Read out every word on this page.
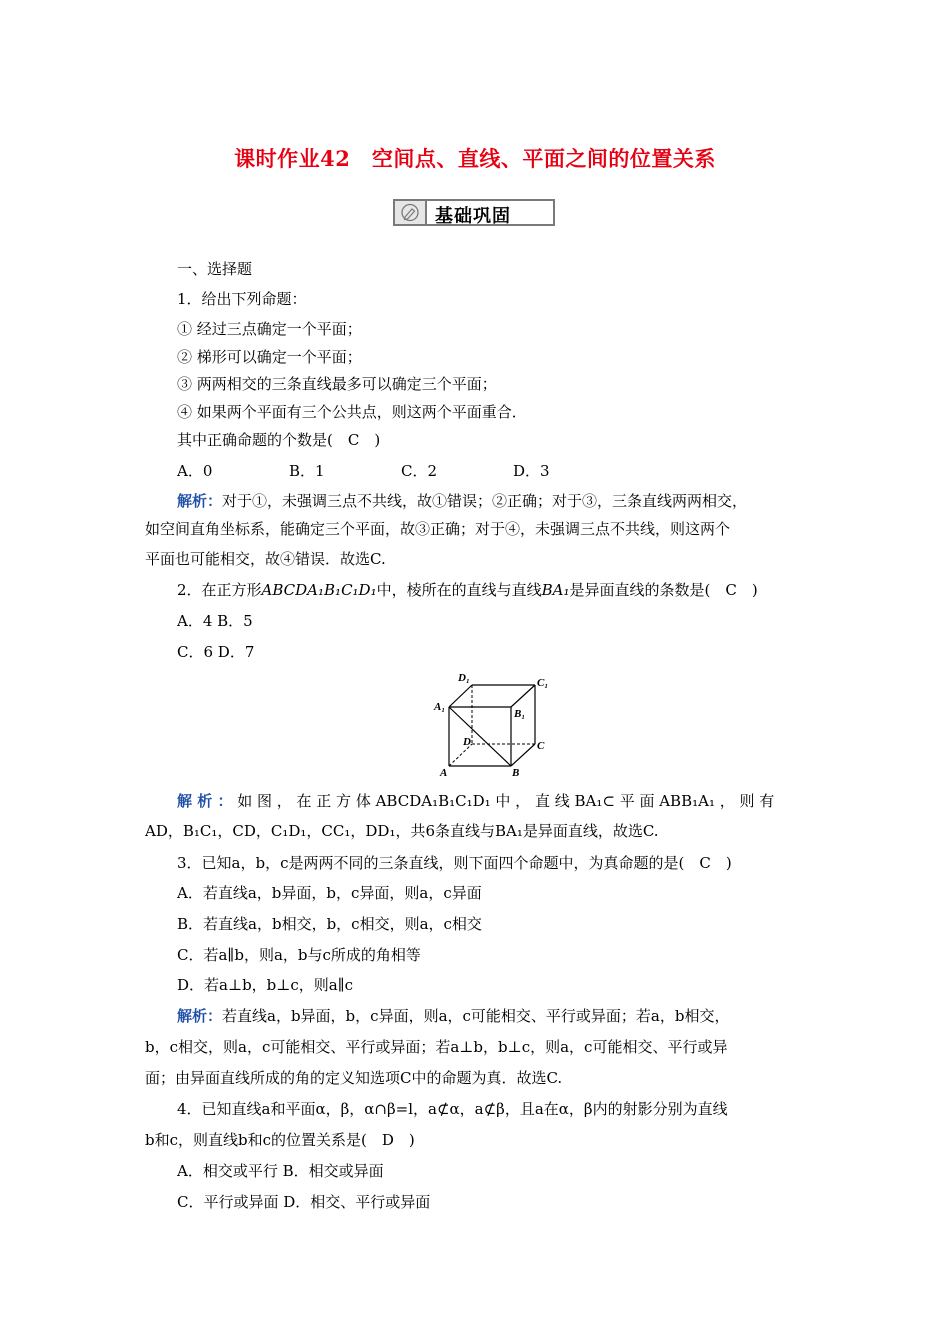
课时作业42　空间点、直线、平面之间的位置关系
基础巩固
一、选择题
1．给出下列命题：
① 经过三点确定一个平面；
② 梯形可以确定一个平面；
③ 两两相交的三条直线最多可以确定三个平面；
④ 如果两个平面有三个公共点，则这两个平面重合．
其中正确命题的个数是(　C　)
A．0	B．1	C．2	D．3
解析：对于①，未强调三点不共线，故①错误；②正确；对于③，三条直线两两相交，
如空间直角坐标系，能确定三个平面，故③正确；对于④，未强调三点不共线，则这两个
平面也可能相交，故④错误．故选C.
2．在正方形ABCDA₁B₁C₁D₁中，棱所在的直线与直线BA₁是异面直线的条数是(　C　)
A．4 B．5
C．6 D．7
D₁	C₁
A₁
B₁
D	C
A	B
解 析 ： 如 图 ， 在 正 方 体 ABCDA₁B₁C₁D₁ 中 ， 直 线 BA₁⊂ 平 面 ABB₁A₁ ， 则 有
AD，B₁C₁，CD，C₁D₁，CC₁，DD₁，共6条直线与BA₁是异面直线，故选C.
3．已知a，b，c是两两不同的三条直线，则下面四个命题中，为真命题的是(　C　)
A．若直线a，b异面，b，c异面，则a，c异面
B．若直线a，b相交，b，c相交，则a，c相交
C．若a∥b，则a，b与c所成的角相等
D．若a⊥b，b⊥c，则a∥c
解析：若直线a，b异面，b，c异面，则a，c可能相交、平行或异面；若a，b相交，
b，c相交，则a，c可能相交、平行或异面；若a⊥b，b⊥c，则a，c可能相交、平行或异
面；由异面直线所成的角的定义知选项C中的命题为真．故选C.
4．已知直线a和平面α，β，α∩β=l，a⊄α，a⊄β，且a在α，β内的射影分别为直线
b和c，则直线b和c的位置关系是(　D　)
A．相交或平行 B．相交或异面
C．平行或异面 D．相交、平行或异面
